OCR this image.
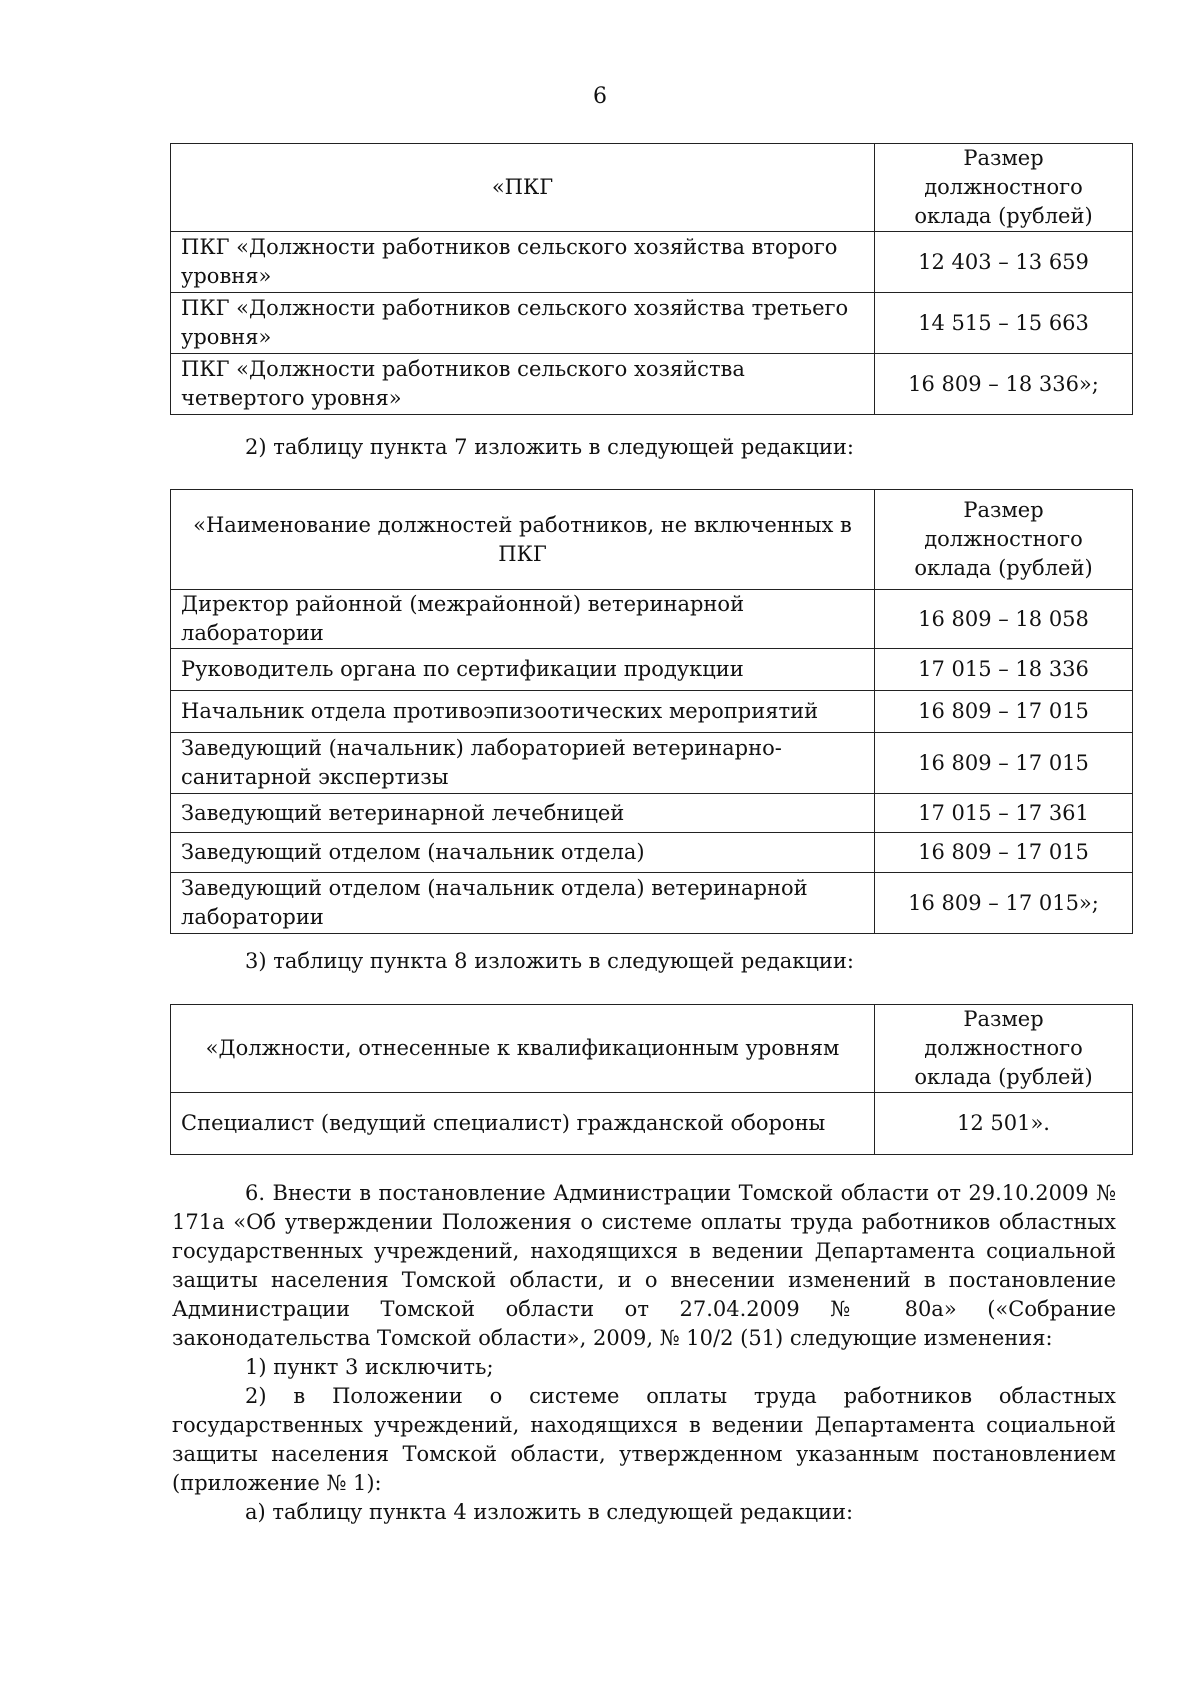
6
«ПКГ	Размер должностного оклада (рублей)
ПКГ «Должности работников сельского хозяйства второго уровня»	12 403 – 13 659
ПКГ «Должности работников сельского хозяйства третьего уровня»	14 515 – 15 663
ПКГ «Должности работников сельского хозяйства четвертого уровня»	16 809 – 18 336»;
2) таблицу пункта 7 изложить в следующей редакции:
«Наименование должностей работников, не включенных в ПКГ	Размер должностного оклада (рублей)
Директор районной (межрайонной) ветеринарной лаборатории	16 809 – 18 058
Руководитель органа по сертификации продукции	17 015 – 18 336
Начальник отдела противоэпизоотических мероприятий	16 809 – 17 015
Заведующий (начальник) лабораторией ветеринарно-санитарной экспертизы	16 809 – 17 015
Заведующий ветеринарной лечебницей	17 015 – 17 361
Заведующий отделом (начальник отдела)	16 809 – 17 015
Заведующий отделом (начальник отдела) ветеринарной лаборатории	16 809 – 17 015»;
3) таблицу пункта 8 изложить в следующей редакции:
«Должности, отнесенные к квалификационным уровням	Размер должностного оклада (рублей)
Специалист (ведущий специалист) гражданской обороны	12 501».
6. Внести в постановление Администрации Томской области от 29.10.2009 № 171а «Об утверждении Положения о системе оплаты труда работников областных государственных учреждений, находящихся в ведении Департамента социальной защиты населения Томской области, и о внесении изменений в постановление Администрации Томской области от 27.04.2009 № 80а» («Собрание законодательства Томской области», 2009, № 10/2 (51) следующие изменения:
1) пункт 3 исключить;
2) в Положении о системе оплаты труда работников областных государственных учреждений, находящихся в ведении Департамента социальной защиты населения Томской области, утвержденном указанным постановлением (приложение № 1):
а) таблицу пункта 4 изложить в следующей редакции:
